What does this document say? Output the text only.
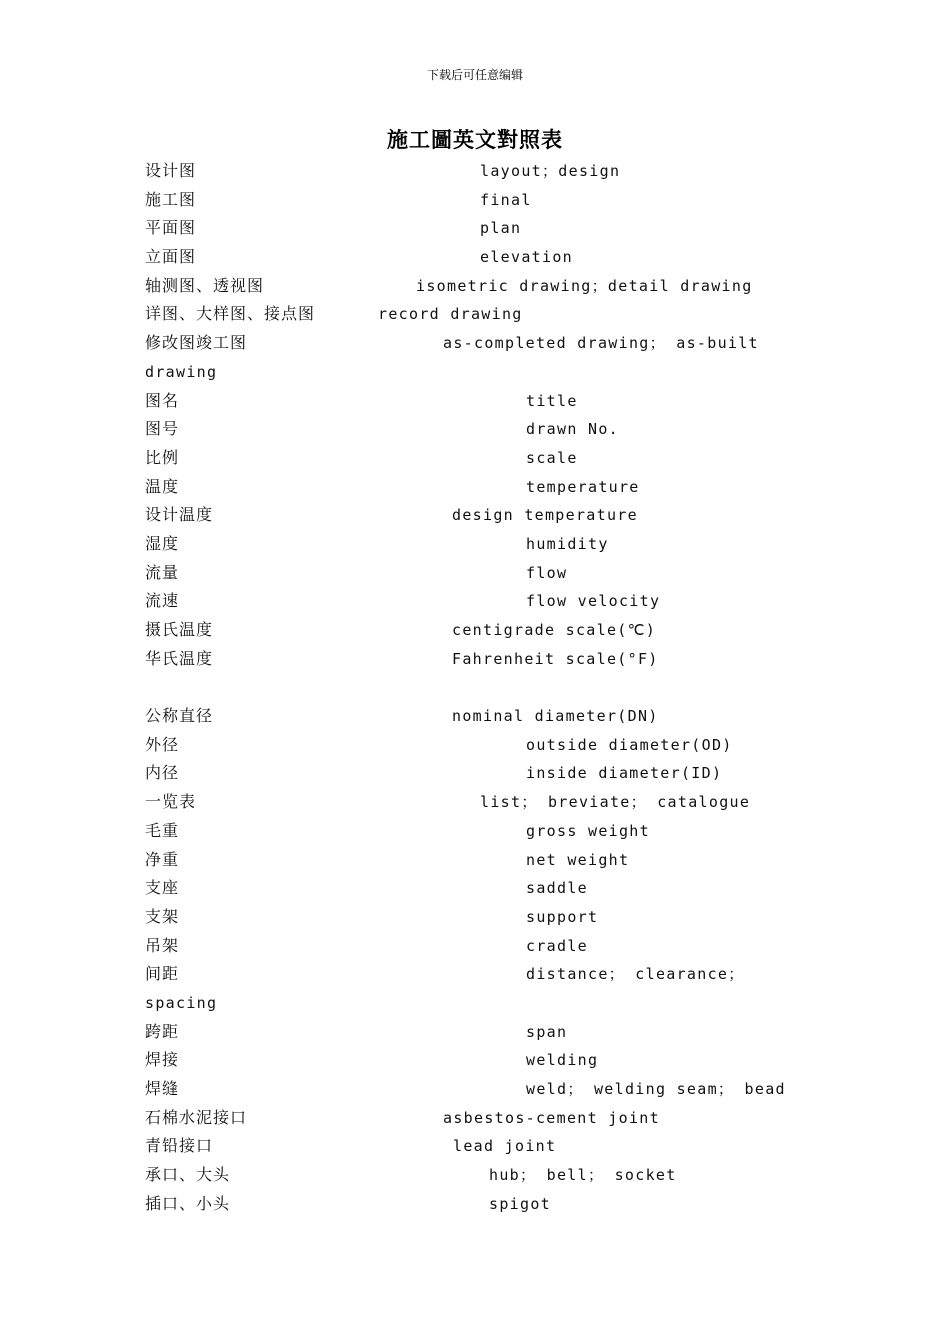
下载后可任意编辑
施工圖英文對照表
设计图	layout；design
施工图	final
平面图	plan
立面图	elevation
轴测图、透视图	isometric drawing；detail drawing
详图、大样图、接点图	record drawing
修改图竣工图	as-completed drawing； as-built
drawing
图名	title
图号	drawn No.
比例	scale
温度	temperature
设计温度	design temperature
湿度	humidity
流量	flow
流速	flow velocity
摄氏温度	centigrade scale(℃)
华氏温度	Fahrenheit scale(°F)
公称直径	nominal diameter(DN)
外径	outside diameter(OD)
内径	inside diameter(ID)
一览表	list； breviate； catalogue
毛重	gross weight
净重	net weight
支座	saddle
支架	support
吊架	cradle
间距	distance； clearance；
spacing
跨距	span
焊接	welding
焊缝	weld； welding seam； bead
石棉水泥接口	asbestos-cement joint
青铅接口	lead joint
承口、大头	hub； bell； socket
插口、小头	spigot
